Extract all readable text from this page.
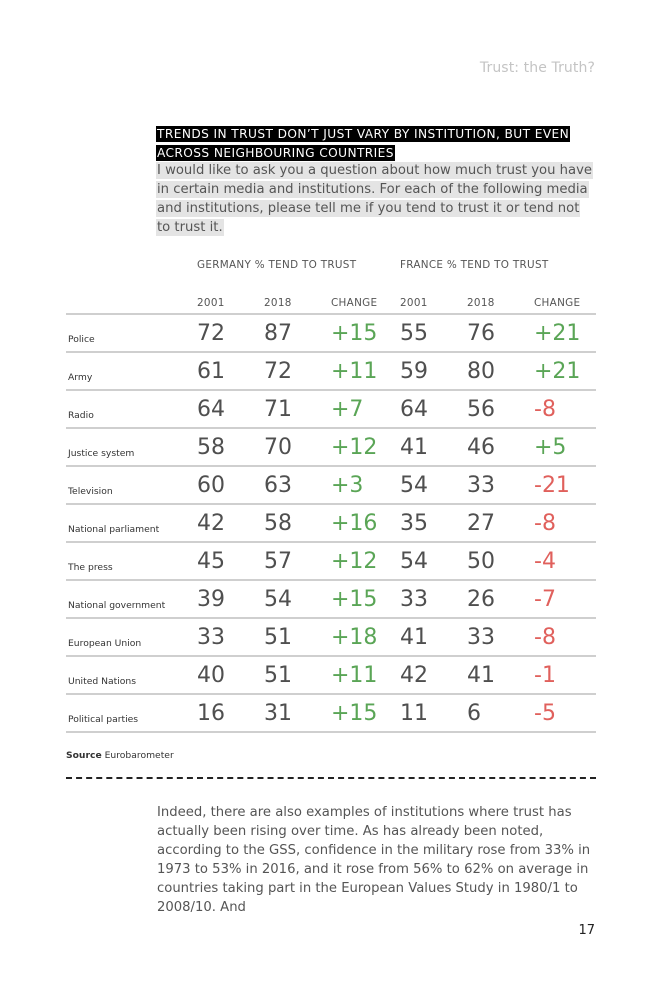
Trust: the Truth?
TRENDS IN TRUST DON’T JUST VARY BY INSTITUTION, BUT EVEN ACROSS NEIGHBOURING COUNTRIES
I would like to ask you a question about how much trust you have in certain media and institutions. For each of the following media and institutions, please tell me if you tend to trust it or tend not to trust it.
GERMANY % TEND TO TRUST	FRANCE % TEND TO TRUST
2001	2018	CHANGE 2001	2018	CHANGE
Police	72 87 +15 55 76 +21
Army	61 72 +11 59 80 +21
Radio	64 71 +7 64 56 -8
Justice system	58 70 +12 41 46 +5
Television	60 63 +3 54 33 -21
National parliament 42 58 +16 35 27 -8
The press	45 57 +12 54 50 -4
National government 39 54 +15 33 26 -7
European Union	33 51 +18 41 33 -8
United Nations	40 51 +11 42 41 -1
Political parties	16 31 +15 11 6 -5
Source Eurobarometer
Indeed, there are also examples of institutions where trust has actually been rising over time. As has already been noted, according to the GSS, confidence in the military rose from 33% in 1973 to 53% in 2016, and it rose from 56% to 62% on average in countries taking part in the European Values Study in 1980/1 to 2008/10. And
17
